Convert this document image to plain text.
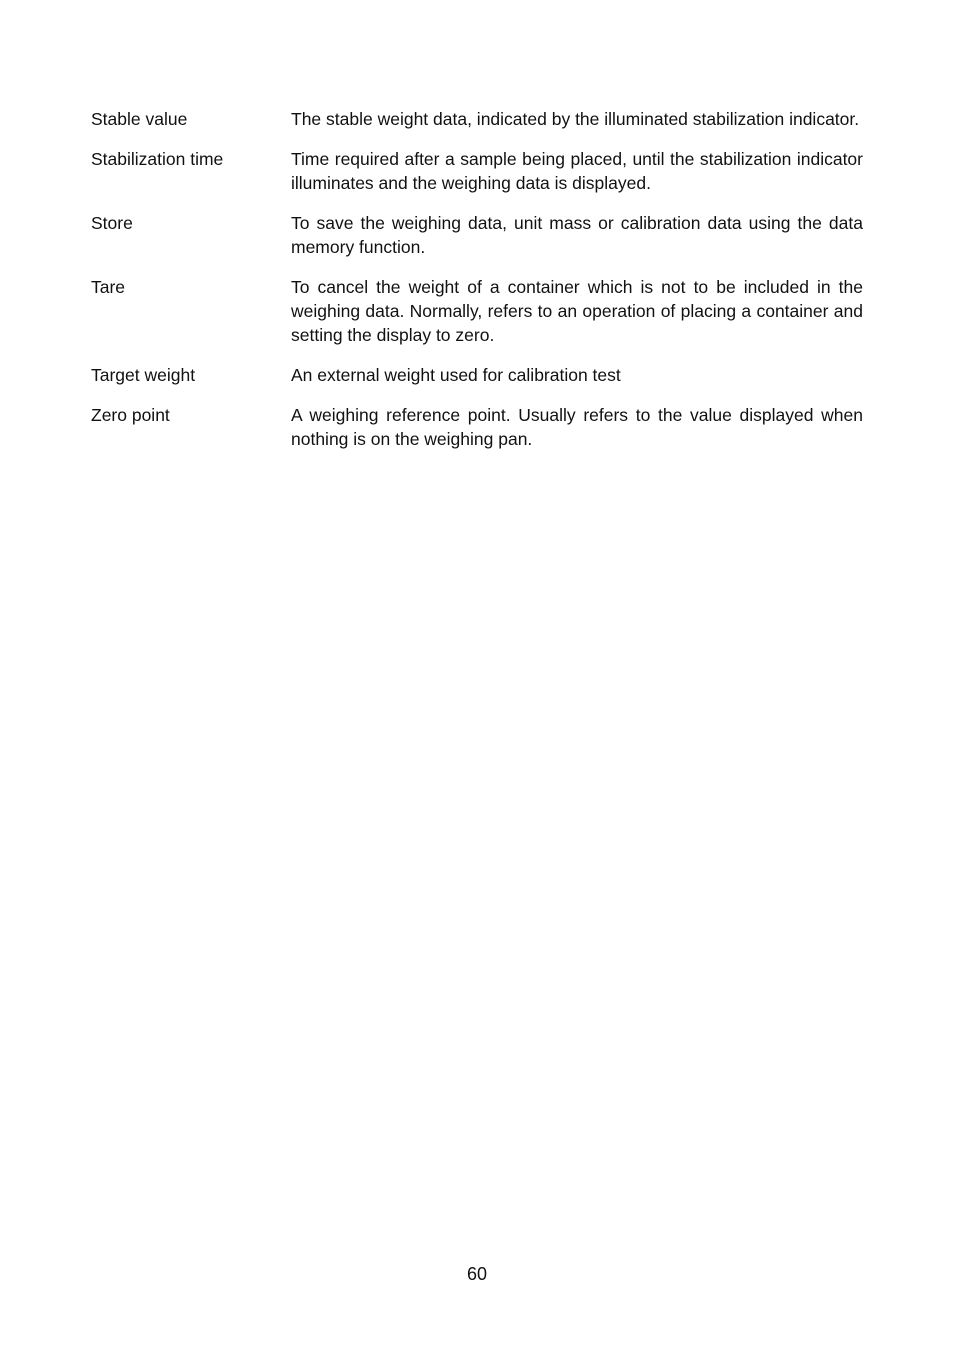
Stable value	The stable weight data, indicated by the illuminated stabilization indicator.
Stabilization time	Time required after a sample being placed, until the stabilization indicator illuminates and the weighing data is displayed.
Store	To save the weighing data, unit mass or calibration data using the data memory function.
Tare	To cancel the weight of a container which is not to be included in the weighing data. Normally, refers to an operation of placing a container and setting the display to zero.
Target weight	An external weight used for calibration test
Zero point	A weighing reference point. Usually refers to the value displayed when nothing is on the weighing pan.
60
